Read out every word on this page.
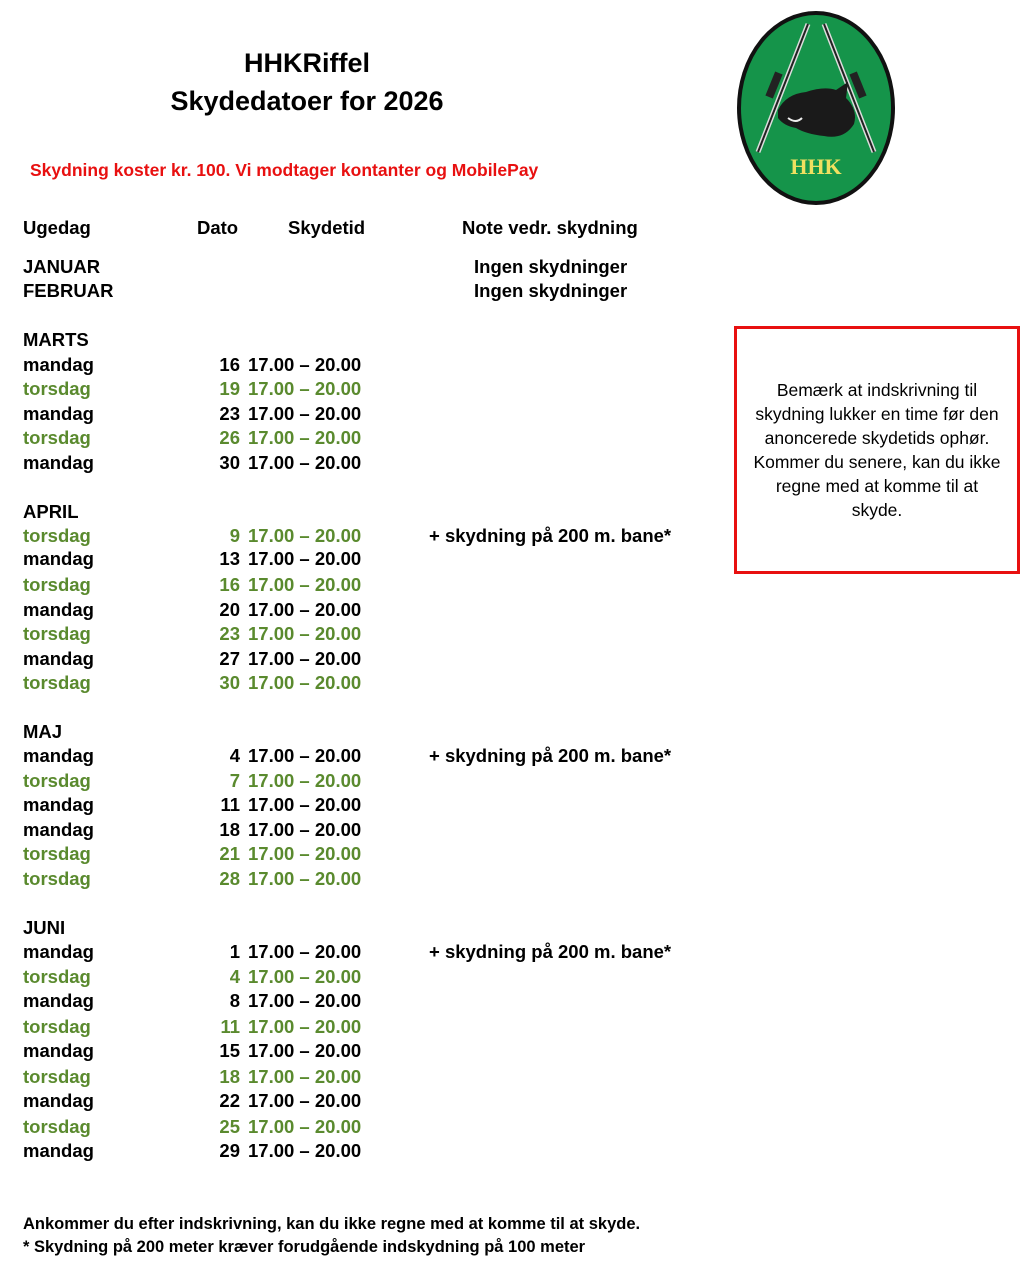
HHKRiffel
Skydedatoer for 2026
Skydning koster kr. 100. Vi modtager kontanter og MobilePay	HHK
Ugedag	Dato	Skydetid	Note vedr. skydning
JANUAR	Ingen skydninger
FEBRUAR	Ingen skydninger
MARTS
mandag	16 17.00 – 20.00
torsdag	19 17.00 – 20.00
mandag	23 17.00 – 20.00
torsdag	26 17.00 – 20.00
mandag	30 17.00 – 20.00
APRIL
torsdag	9 17.00 – 20.00	+ skydning på 200 m. bane*
mandag	13 17.00 – 20.00
torsdag	16 17.00 – 20.00
mandag	20 17.00 – 20.00
torsdag	23 17.00 – 20.00
mandag	27 17.00 – 20.00
torsdag	30 17.00 – 20.00
MAJ
mandag	4 17.00 – 20.00	+ skydning på 200 m. bane*
torsdag	7 17.00 – 20.00
mandag	11 17.00 – 20.00
mandag	18 17.00 – 20.00
torsdag	21 17.00 – 20.00
torsdag	28 17.00 – 20.00
JUNI
mandag	1 17.00 – 20.00	+ skydning på 200 m. bane*
torsdag	4 17.00 – 20.00
mandag	8 17.00 – 20.00
torsdag	11 17.00 – 20.00
mandag	15 17.00 – 20.00
torsdag	18 17.00 – 20.00
mandag	22 17.00 – 20.00
torsdag	25 17.00 – 20.00
mandag	29 17.00 – 20.00
Bemærk at indskrivning til
skydning lukker en time før den
anoncerede skydetids ophør.
Kommer du senere, kan du ikke
regne med at komme til at
skyde.
Ankommer du efter indskrivning, kan du ikke regne med at komme til at skyde.
* Skydning på 200 meter kræver forudgående indskydning på 100 meter
